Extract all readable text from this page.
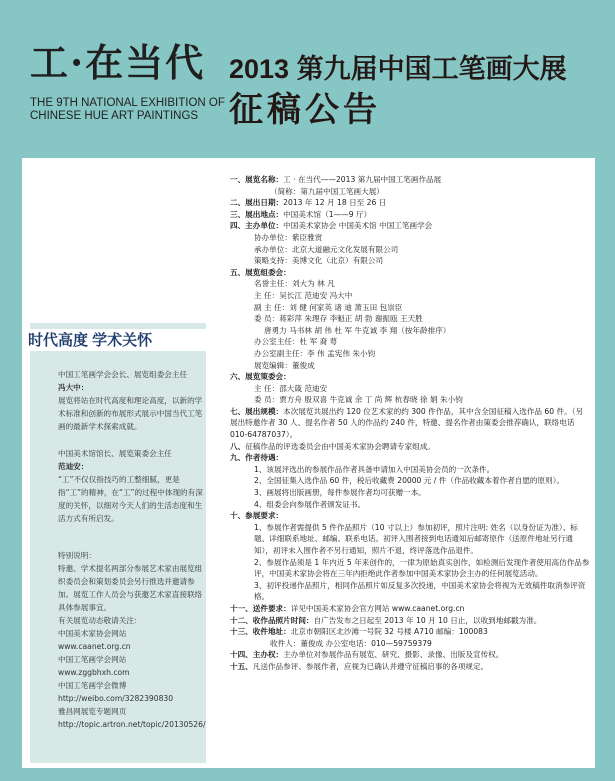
工·在当代
THE 9TH NATIONAL EXHIBITION OF
CHINESE HUE ART PAINTINGS
2013 第九届中国工笔画大展
征稿公告
时代高度 学术关怀

中国工笔画学会会长、展览组委会主任

冯大中：

展览将站在时代高度和理论高度，以新的学术标准和创新的布展形式展示中国当代工笔画的最新学术探索成就。

中国美术馆馆长、展览策委会主任

范迪安：

“工”不仅仅指技巧的工整细腻，更是指“工”的精神，在“工”的过程中体现的有深度的关怀，以细对今天人们的生活态度和生活方式有所启发。

特别说明：

特邀、学术提名两部分参展艺术家由展览组织委员会和策划委员会另行推选并邀请参加。展览工作人员会与获邀艺术家直接联络具体参展事宜。

有关展览动态敬请关注：

中国美术家协会网站

www.caanet.org.cn

中国工笔画学会网站

www.zggbhxh.com

中国工笔画学会微博

http://weibo.com/3282390830

雅昌网展览专题网页

http://topic.artron.net/topic/20130526/

一、展览名称：工 · 在当代——2013 第九届中国工笔画作品展
（简称：第九届中国工笔画大展）
二、展出日期：2013 年 12 月 18 日至 26 日
三、展出地点：中国美术馆（1——9 厅）
四、主办单位：中国美术家协会 中国美术馆 中国工笔画学会
协办单位：紫臣雅赏
承办单位：北京大道融元文化发展有限公司
策略支持：美博文化（北京）有限公司
五、展览组委会：
名誉主任：刘大为 林 凡
主 任：吴长江 范迪安 冯大中
副 主 任：刘 健 何家英 诸 迪 萧玉田 包崇臣
委 员：蒋彩萍 朱理存 李魁正 胡 勃 谢振瓯 王天胜
唐勇力 马书林 胡 伟 杜 军 牛克诚 李 翔（按年龄排序）
办公室主任：杜 军 裔 萼
办公室副主任：李 伟 孟宪伟 朱小钧
展览编辑：董俊成
六、展览策委会：
主 任：邵大箴 范迪安
委 员：贾方舟 殷双喜 牛克诚 余 丁 尚 辉 杭春晓 徐 娟 朱小钧
七、展出规模：本次展览共展出约 120 位艺术家的约 300 件作品，其中含全国征稿入选作品 60 件。（另展出特邀作者 30 人、提名作者 50 人的作品约 240 件，特邀、提名作者由策委会推荐确认，联络电话 010-64787037）。
八、征稿作品的评选委员会由中国美术家协会聘请专家组成。
九、作者待遇：
1、该展评选出的参展作品作者具备申请加入中国美协会员的一次条件。
2、全国征集入选作品 60 件，税后收藏费 20000 元 / 件（作品收藏本着作者自愿的原则）。
3、画展将出版画册，每件参展作者均可获赠一本。
4、组委会向参展作者颁发证书。
十、参展要求：
1、参展作者需提供 5 件作品照片（10 寸以上）参加初评，照片注明: 姓名（以身份证为准）、标题、详细联系地址、邮编、联系电话。初评入围者接到电话通知后邮寄原作（送原件地址另行通知），初评未入围作者不另行通知，照片不退，终评落选作品退件。
2、参展作品须是 1 年内近 5 年来创作的，一律为原始真实创作，如检测后发现作者使用高仿作品参评，中国美术家协会将在三年内拒绝此作者参加中国美术家协会主办的任何展览活动。
3、初评投递作品照片，相同作品照片如反复多次投递，中国美术家协会将视为无效稿件取消参评资格。
十一、送件要求：详见中国美术家协会官方网站 www.caanet.org.cn
十二、收作品照片时间：自广告发布之日起至 2013 年 10 月 10 日止，以收到地邮戳为准。
十三、收件地址：北京市朝阳区北沙滩一号院 32 号楼 A710 邮编：100083
收件人：董俊成 办公室电话：010—59759379
十四、主办权：主办单位对参展作品有展览、研究、摄影、录像、出版及宣传权。
十五、凡送作品参评、参展作者，应视为已确认并遵守征稿启事的各项规定。
